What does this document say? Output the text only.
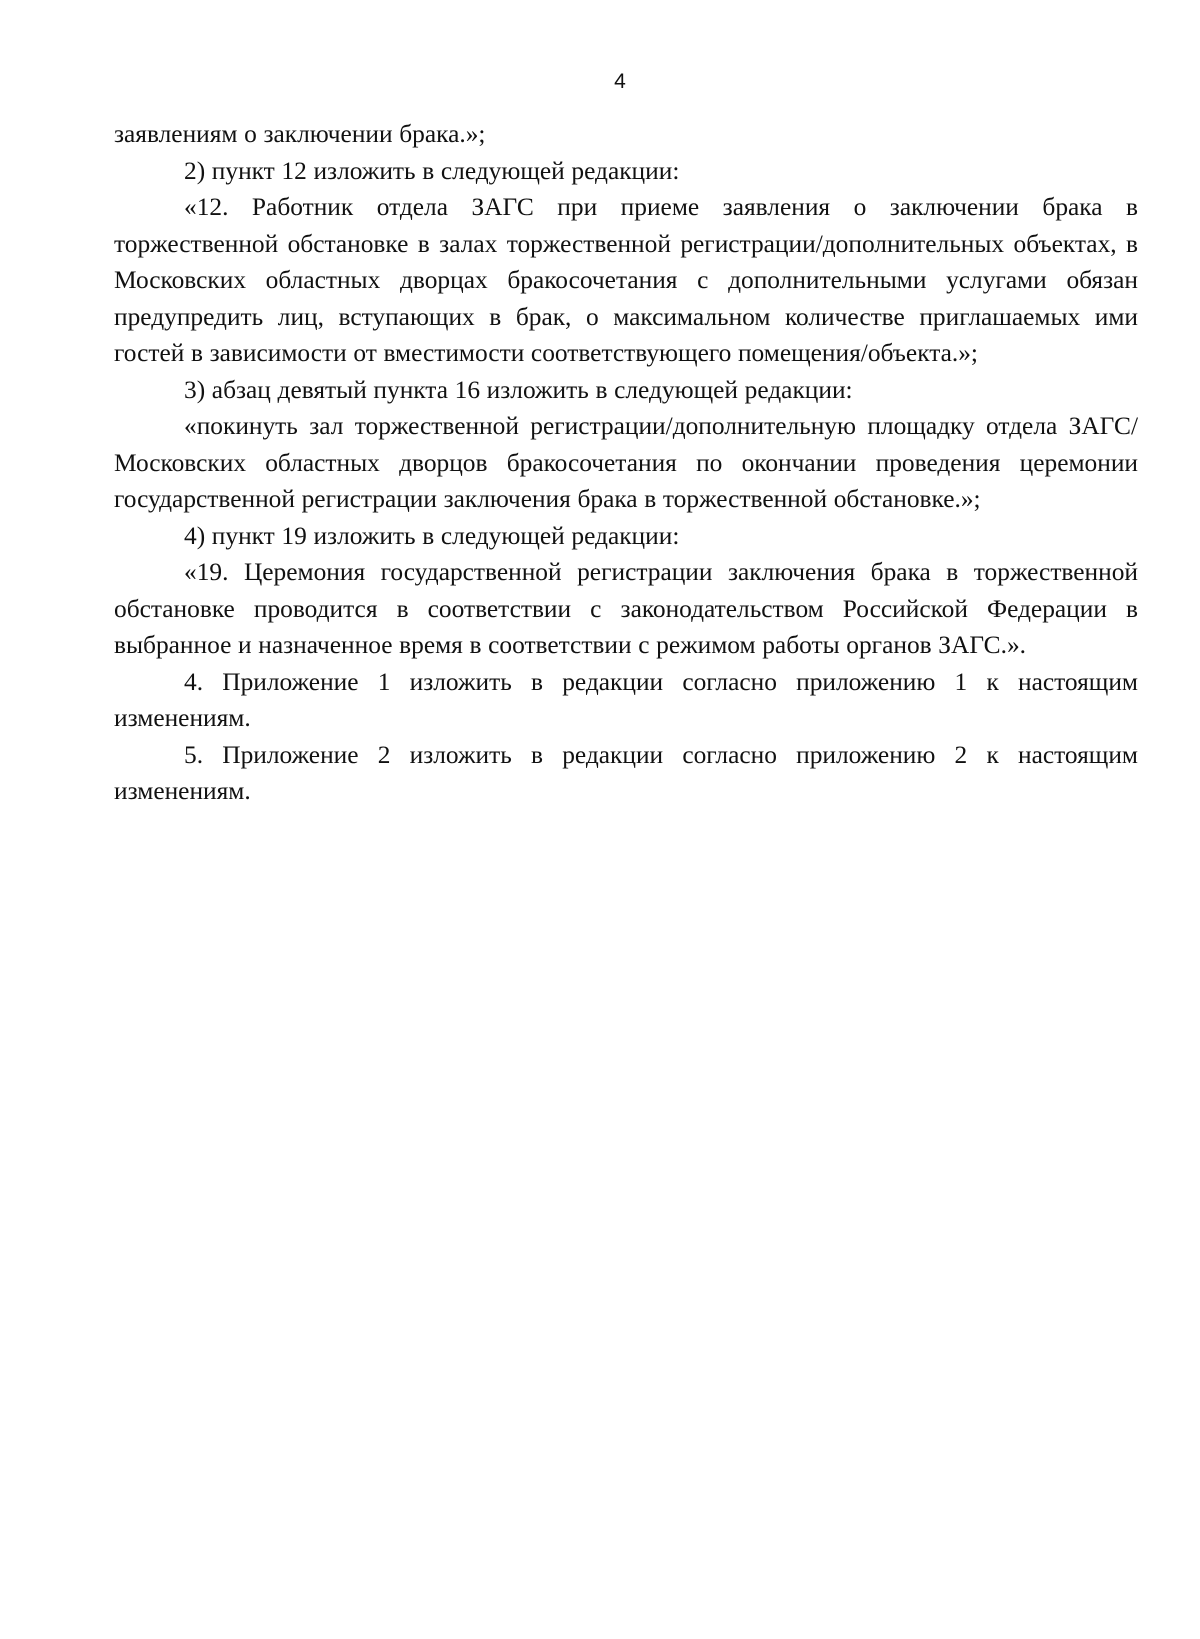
4

заявлениям о заключении брака.»;

2) пункт 12 изложить в следующей редакции:

«12. Работник отдела ЗАГС при приеме заявления о заключении брака в торжественной обстановке в залах торжественной регистрации/дополнительных объектах, в Московских областных дворцах бракосочетания с дополнительными услугами обязан предупредить лиц, вступающих в брак, о максимальном количестве приглашаемых ими гостей в зависимости от вместимости соответствующего помещения/объекта.»;

3) абзац девятый пункта 16 изложить в следующей редакции:

«покинуть зал торжественной регистрации/дополнительную площадку отдела ЗАГС/Московских областных дворцов бракосочетания по окончании проведения церемонии государственной регистрации заключения брака в торжественной обстановке.»;

4) пункт 19 изложить в следующей редакции:

«19. Церемония государственной регистрации заключения брака в торжественной обстановке проводится в соответствии с законодательством Российской Федерации в выбранное и назначенное время в соответствии с режимом работы органов ЗАГС.».

4. Приложение 1 изложить в редакции согласно приложению 1 к настоящим изменениям.

5. Приложение 2 изложить в редакции согласно приложению 2 к настоящим изменениям.
